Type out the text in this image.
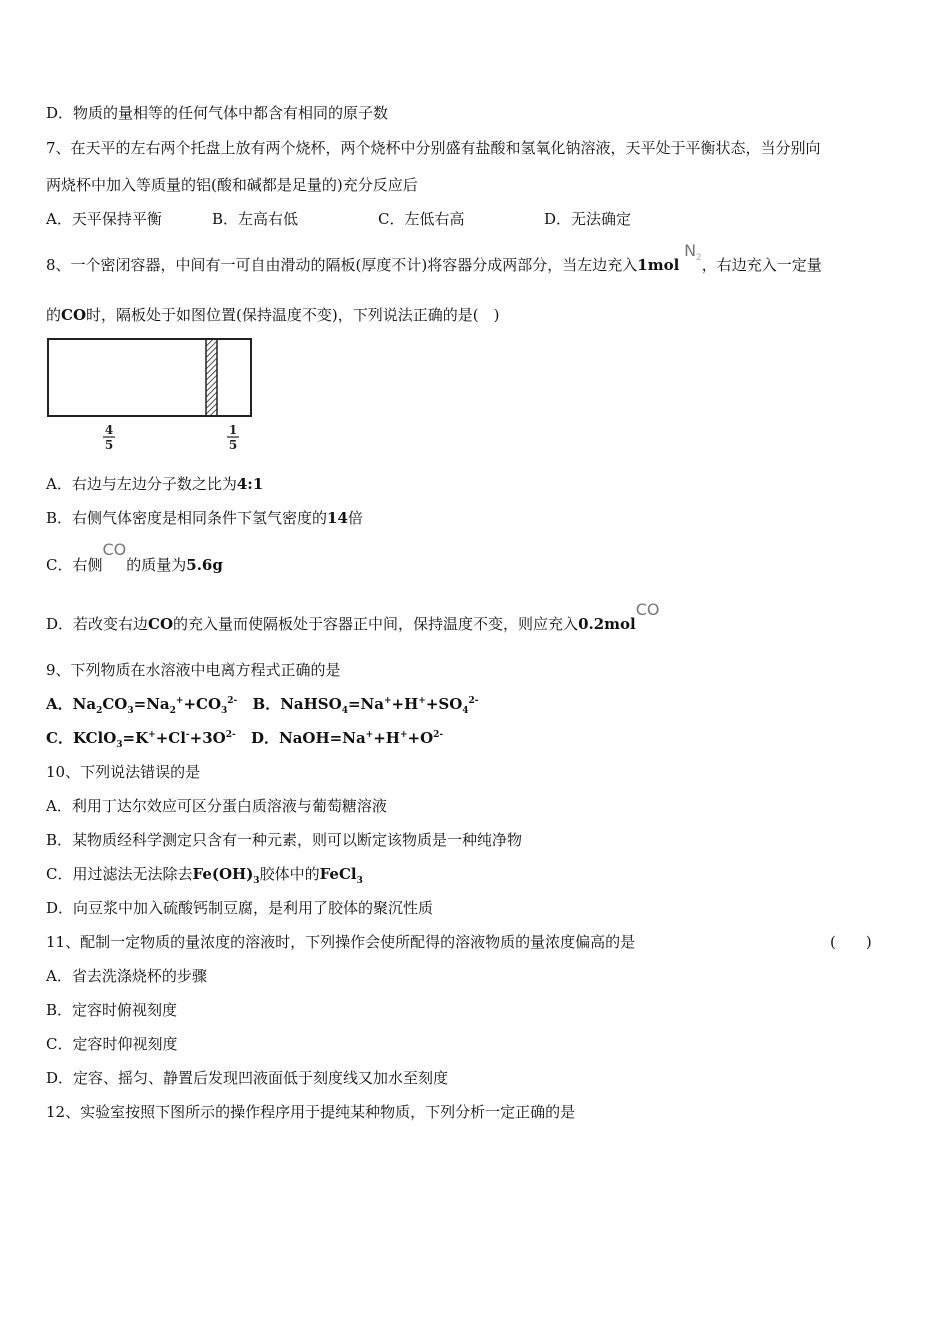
D．物质的量相等的任何气体中都含有相同的原子数
7、在天平的左右两个托盘上放有两个烧杯，两个烧杯中分别盛有盐酸和氢氧化钠溶液，天平处于平衡状态，当分别向
两烧杯中加入等质量的铝(酸和碱都是足量的)充分反应后
A．天平保持平衡	B．左高右低	C．左低右高	D．无法确定
8、一个密闭容器，中间有一可自由滑动的隔板(厚度不计)将容器分成两部分，当左边充入1mol $N_2$，右边充入一定量
的CO时，隔板处于如图位置(保持温度不变)，下列说法正确的是(　)
4
5
1
5
A．右边与左边分子数之比为4:1
B．右侧气体密度是相同条件下氢气密度的14倍
C．右侧CO的质量为5.6g
D．若改变右边CO的充入量而使隔板处于容器正中间，保持温度不变，则应充入0.2molCO
9、下列物质在水溶液中电离方程式正确的是
A．$Na_2CO_3=Na_2^++CO_3^{2-}$ B．$NaHSO_4=Na^++H^++SO_4^{2-}$
C．$KClO_3=K^++Cl^-+3O^{2-}$ D．$NaOH=Na^++H^++O^{2-}$
10、下列说法错误的是
A．利用丁达尔效应可区分蛋白质溶液与葡萄糖溶液
B．某物质经科学测定只含有一种元素，则可以断定该物质是一种纯净物
C．用过滤法无法除去$Fe(OH)_3$胶体中的FeCl$_3$
D．向豆浆中加入硫酸钙制豆腐，是利用了胶体的聚沉性质
11、配制一定物质的量浓度的溶液时，下列操作会使所配得的溶液物质的量浓度偏高的是	(　　)
A．省去洗涤烧杯的步骤
B．定容时俯视刻度
C．定容时仰视刻度
D．定容、摇匀、静置后发现凹液面低于刻度线又加水至刻度
12、实验室按照下图所示的操作程序用于提纯某种物质，下列分析一定正确的是
